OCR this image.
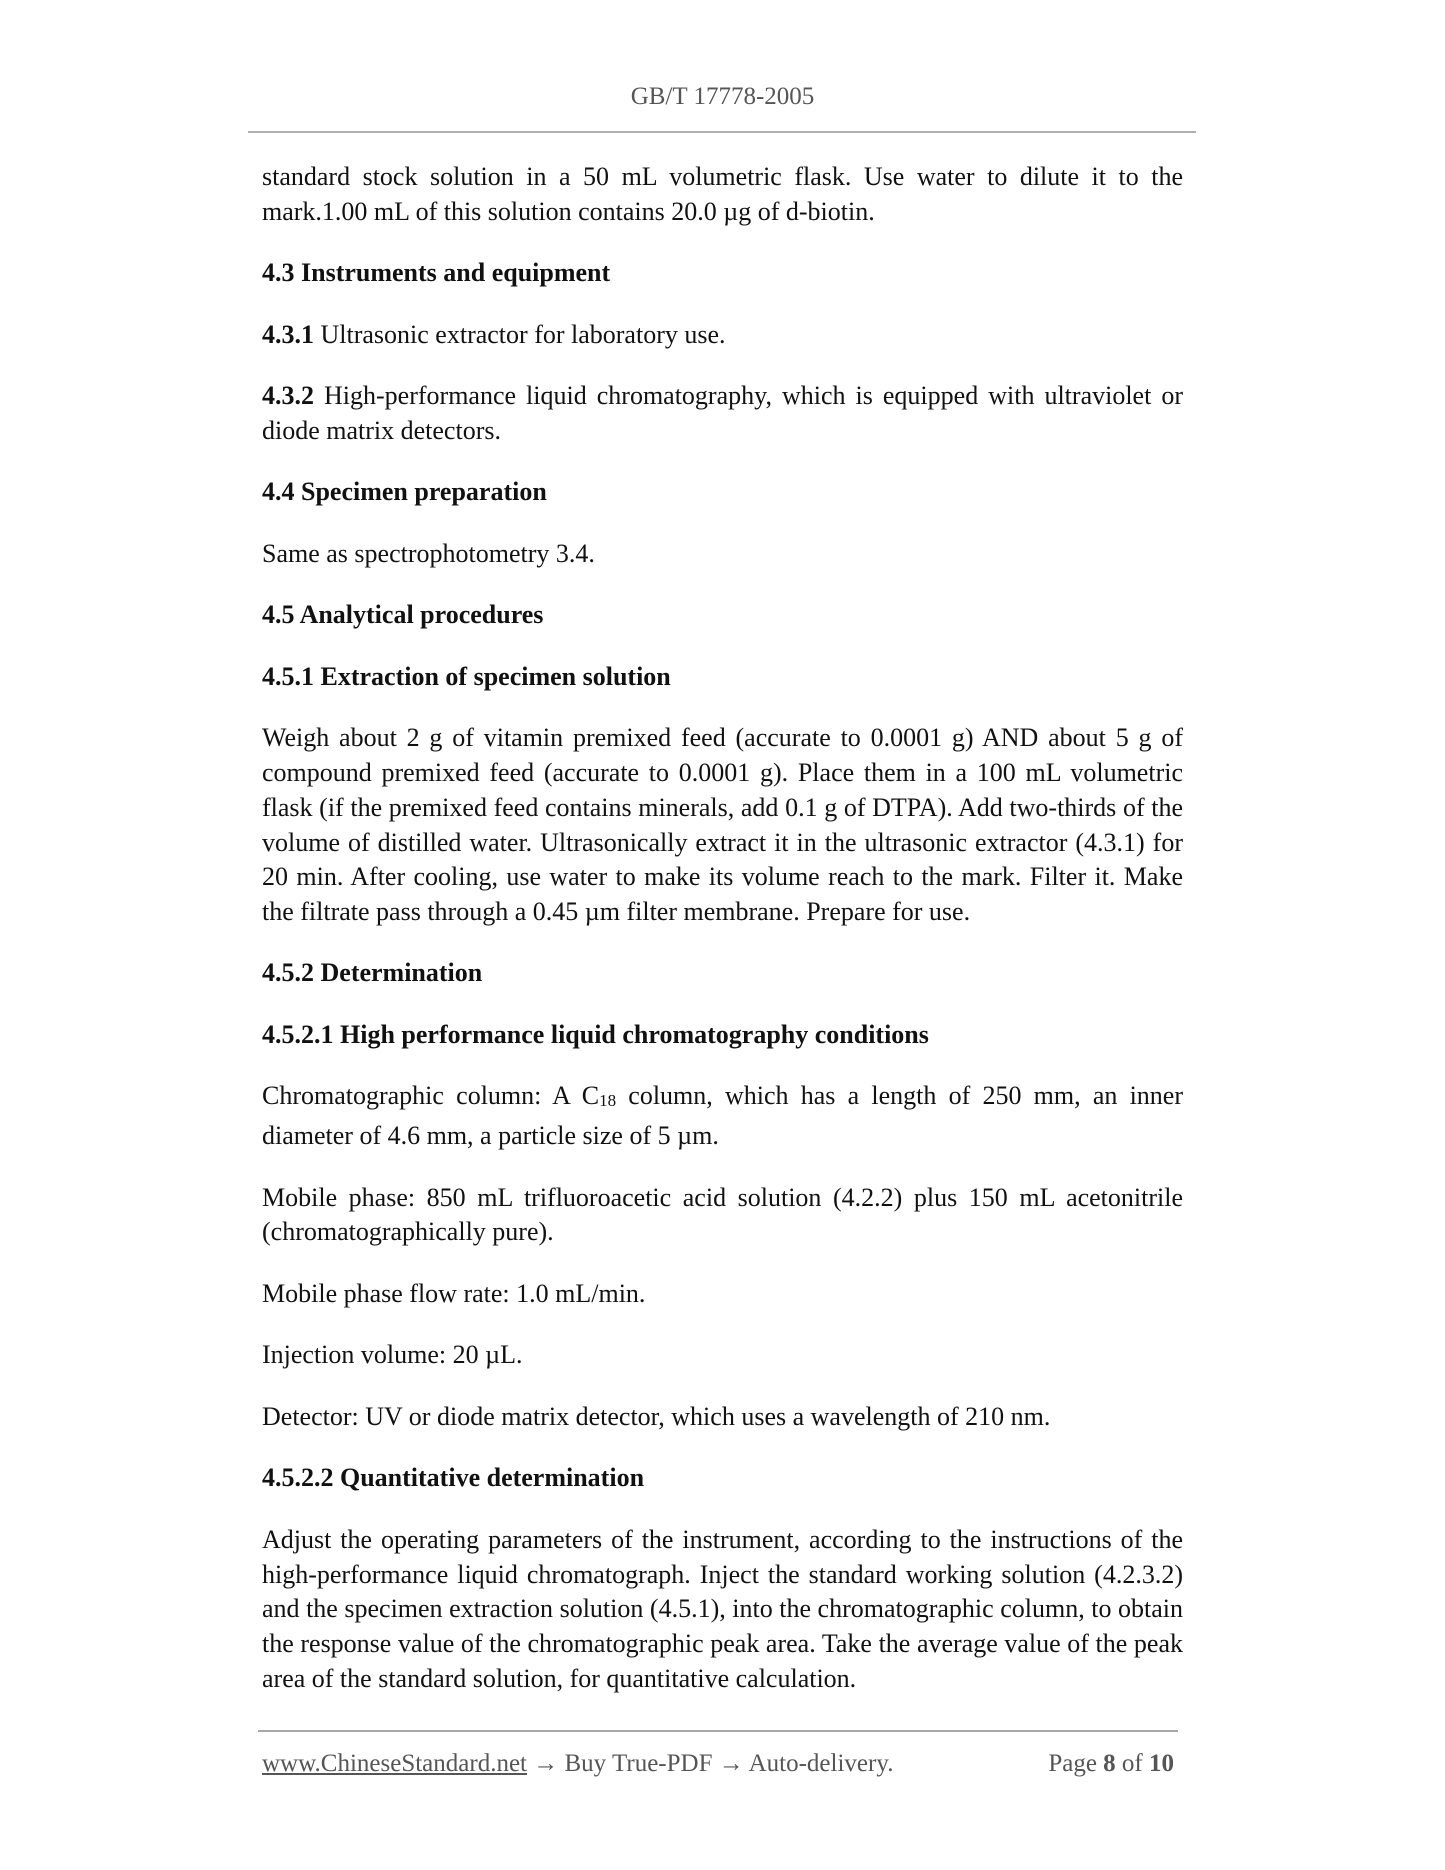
GB/T 17778-2005

standard stock solution in a 50 mL volumetric flask. Use water to dilute it to the mark.1.00 mL of this solution contains 20.0 µg of d-biotin.

4.3 Instruments and equipment

4.3.1 Ultrasonic extractor for laboratory use.

4.3.2 High-performance liquid chromatography, which is equipped with ultraviolet or diode matrix detectors.

4.4 Specimen preparation

Same as spectrophotometry 3.4.

4.5 Analytical procedures

4.5.1 Extraction of specimen solution

Weigh about 2 g of vitamin premixed feed (accurate to 0.0001 g) AND about 5 g of compound premixed feed (accurate to 0.0001 g). Place them in a 100 mL volumetric flask (if the premixed feed contains minerals, add 0.1 g of DTPA). Add two-thirds of the volume of distilled water. Ultrasonically extract it in the ultrasonic extractor (4.3.1) for 20 min. After cooling, use water to make its volume reach to the mark. Filter it. Make the filtrate pass through a 0.45 µm filter membrane. Prepare for use.

4.5.2 Determination

4.5.2.1 High performance liquid chromatography conditions

Chromatographic column: A C18 column, which has a length of 250 mm, an inner diameter of 4.6 mm, a particle size of 5 µm.

Mobile phase: 850 mL trifluoroacetic acid solution (4.2.2) plus 150 mL acetonitrile (chromatographically pure).

Mobile phase flow rate: 1.0 mL/min.

Injection volume: 20 µL.

Detector: UV or diode matrix detector, which uses a wavelength of 210 nm.

4.5.2.2 Quantitative determination

Adjust the operating parameters of the instrument, according to the instructions of the high-performance liquid chromatograph. Inject the standard working solution (4.2.3.2) and the specimen extraction solution (4.5.1), into the chromatographic column, to obtain the response value of the chromatographic peak area. Take the average value of the peak area of the standard solution, for quantitative calculation.

www.ChineseStandard.net → Buy True-PDF → Auto-delivery.	Page 8 of 10
